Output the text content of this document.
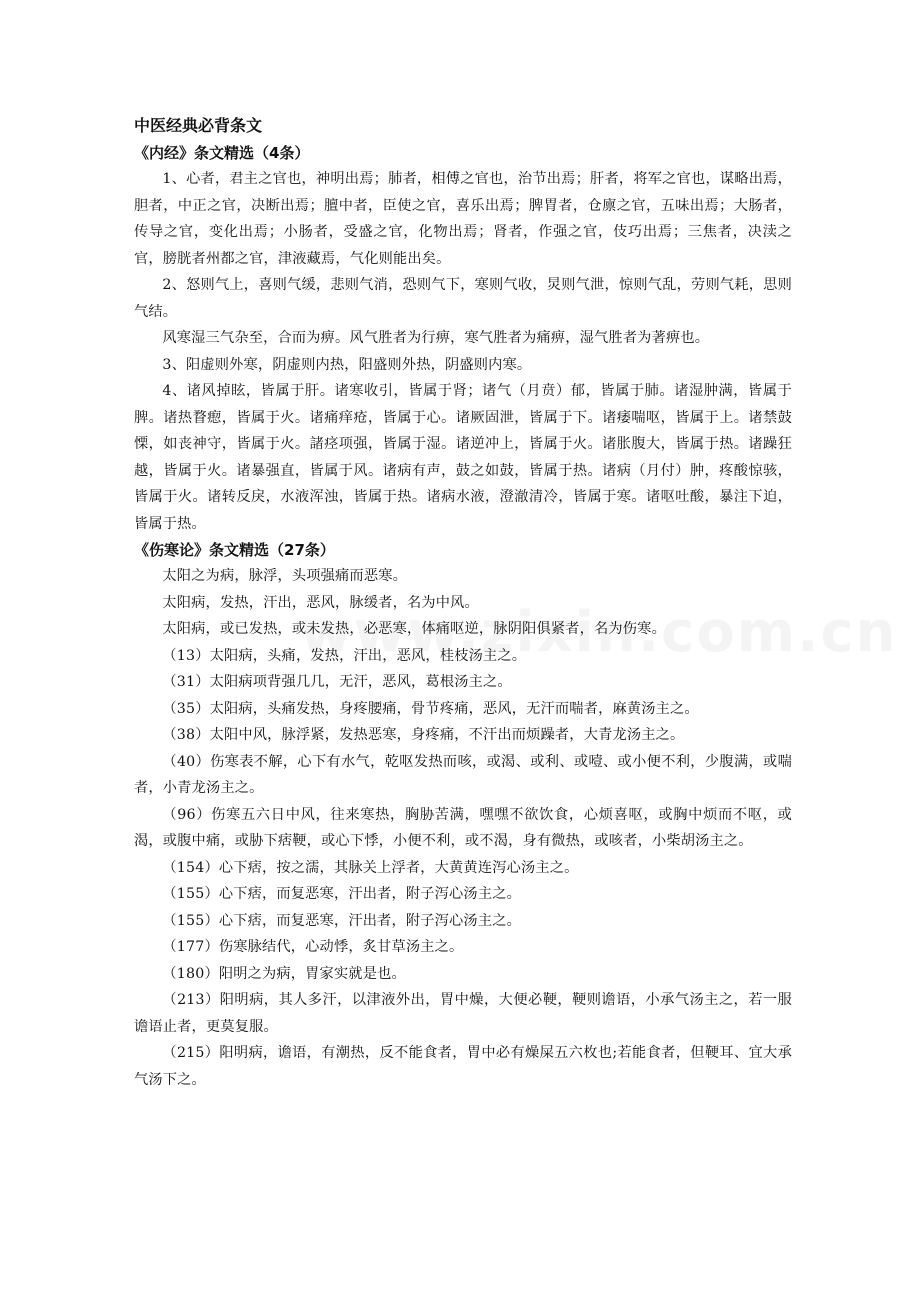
中医经典必背条文
《内经》条文精选（4条）

1、心者，君主之官也，神明出焉；肺者，相傅之官也，治节出焉；肝者，将军之官也，谋略出焉，胆者，中正之官，决断出焉；膻中者，臣使之官，喜乐出焉；脾胃者，仓廪之官，五味出焉；大肠者，传导之官，变化出焉；小肠者，受盛之官，化物出焉；肾者，作强之官，伎巧出焉；三焦者，决渎之官，膀胱者州都之官，津液藏焉，气化则能出矣。

2、怒则气上，喜则气缓，悲则气消，恐则气下，寒则气收，炅则气泄，惊则气乱，劳则气耗，思则气结。

风寒湿三气杂至，合而为痹。风气胜者为行痹，寒气胜者为痛痹，湿气胜者为著痹也。

3、阳虚则外寒，阴虚则内热，阳盛则外热，阴盛则内寒。

4、诸风掉眩，皆属于肝。诸寒收引，皆属于肾；诸气（月贲）郁，皆属于肺。诸湿肿满，皆属于脾。诸热瞀瘛，皆属于火。诸痛痒疮，皆属于心。诸厥固泄，皆属于下。诸痿喘呕，皆属于上。诸禁鼓慄，如丧神守，皆属于火。諸痉项强，皆属于湿。诸逆冲上，皆属于火。诸胀腹大，皆属于热。诸躁狂越，皆属于火。诸暴强直，皆属于风。诸病有声，鼓之如鼓，皆属于热。诸病（月付）肿，疼酸惊骇，皆属于火。诸转反戾，水液浑浊，皆属于热。诸病水液，澄澈清冷，皆属于寒。诸呕吐酸，暴注下迫，皆属于热。

《伤寒论》条文精选（27条）

太阳之为病，脉浮，头项强痛而恶寒。

太阳病，发热，汗出，恶风，脉缓者，名为中风。

太阳病，或已发热，或未发热，必恶寒，体痛呕逆，脉阴阳俱紧者，名为伤寒。

（13）太阳病，头痛，发热，汗出，恶风，桂枝汤主之。

（31）太阳病项背强几几，无汗，恶风，葛根汤主之。

（35）太阳病，头痛发热，身疼腰痛，骨节疼痛，恶风，无汗而喘者，麻黄汤主之。

（38）太阳中风，脉浮紧，发热恶寒，身疼痛，不汗出而烦躁者，大青龙汤主之。

（40）伤寒表不解，心下有水气，乾呕发热而咳，或渴、或利、或噎、或小便不利，少腹满，或喘者，小青龙汤主之。

（96）伤寒五六日中风，往来寒热，胸胁苦满，嘿嘿不欲饮食，心烦喜呕，或胸中烦而不呕，或渴，或腹中痛，或胁下痞鞕，或心下悸，小便不利，或不渴，身有微热，或咳者，小柴胡汤主之。

（154）心下痞，按之濡，其脉关上浮者，大黄黄连泻心汤主之。

（155）心下痞，而复恶寒，汗出者，附子泻心汤主之。

（155）心下痞，而复恶寒，汗出者，附子泻心汤主之。

（177）伤寒脉结代，心动悸，炙甘草汤主之。

（180）阳明之为病，胃家实就是也。

（213）阳明病，其人多汗，以津液外出，胃中燥，大便必鞕，鞕则谵语，小承气汤主之，若一服谵语止者，更莫复服。

（215）阳明病，谵语，有潮热，反不能食者，胃中必有燥屎五六枚也;若能食者，但鞕耳、宜大承气汤下之。
